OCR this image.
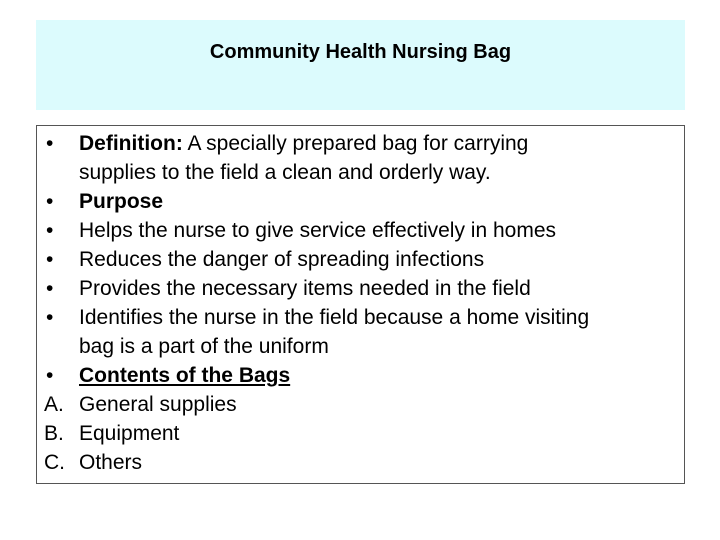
Community Health Nursing Bag
•	Definition: A specially prepared bag for carrying
supplies to the field a clean and orderly way.
•	Purpose
•	Helps the nurse to give service effectively in homes
•	Reduces the danger of spreading infections
•	Provides the necessary items needed in the field
•	Identifies the nurse in the field because a home visiting
bag is a part of the uniform
•	Contents of the Bags
A. General supplies
B. Equipment
C. Others
